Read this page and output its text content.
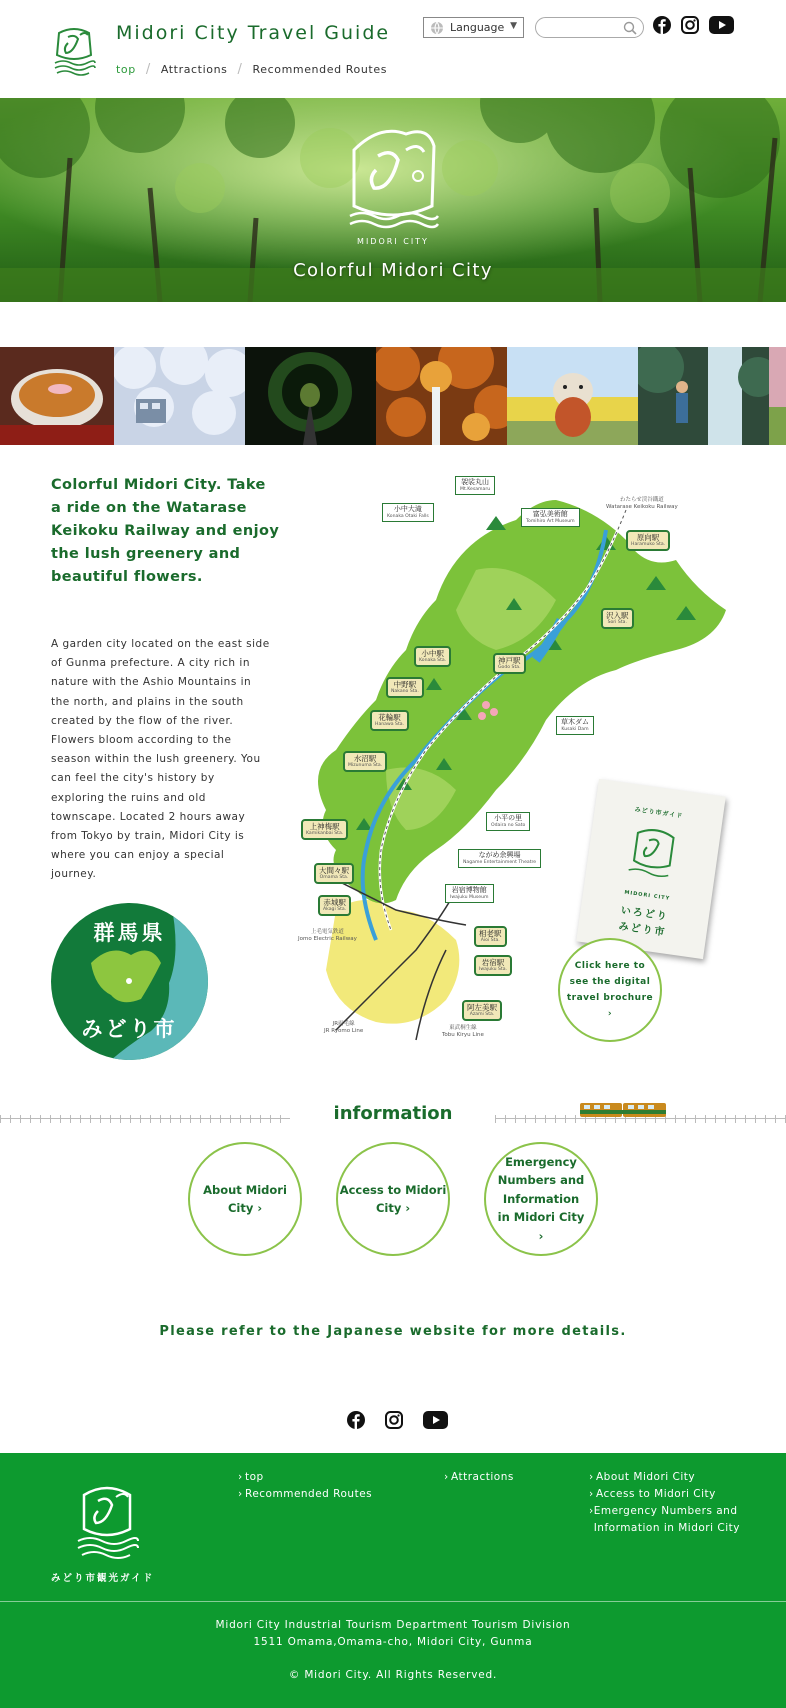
Midori City Travel Guide
top / Attractions / Recommended Routes
Language ▼
MIDORI CITY
Colorful Midori City
Colorful Midori City. Take a ride on the Watarase Keikoku Railway and enjoy the lush greenery and beautiful flowers.
A garden city located on the east side of Gunma prefecture. A city rich in nature with the Ashio Mountains in the north, and plains in the south created by the flow of the river. Flowers bloom according to the season within the lush greenery. You can feel the city's history by exploring the ruins and old townscape. Located 2 hours away from Tokyo by train, Midori City is where you can enjoy a special journey.
群馬県
みどり市
原向駅
Haramuko Sta.
沢入駅
Sori Sta.
神戸駅
Godo Sta.
小中駅
Konaka Sta.
中野駅
Nakano Sta.
花輪駅
Hanawa Sta.
水沼駅
Mizunuma Sta.
上神梅駅
Kamikanbai Sta.
大間々駅
Omama Sta.
赤城駅
Akagi Sta.
相老駅
Aioi Sta.
岩宿駅
Iwajuku Sta.
阿左美駅
Azami Sta.
袈裟丸山
Mt.Kesamaru
小中大滝
Konaka Otaki Falls	富弘美術館
Tomihiro Art Museum
草木ダム
Kusaki Dam
小平の里
Odaira no Sato
ながめ余興場
Nagame Entertainment Theatre
岩宿博物館
Iwajuku Museum
わたらせ渓谷鐵道
Watarase Keikoku Railway
上毛電気鉄道
Jomo Electric Railway
JR両毛線
JR Ryomo Line	東武桐生線
Tobu Kiryu Line
みどり市ガイド
MIDORI CITY
いろどり
みどり市
Click here to see the digital travel brochure ›
information
About Midori City ›
Access to Midori City ›
Emergency Numbers and Information in Midori City ›
Please refer to the Japanese website for more details.
みどり市観光ガイド
› top
› Recommended Routes
› Attractions	› About Midori City
› Access to Midori City
› Emergency Numbers and Information in Midori City
Midori City Industrial Tourism Department Tourism Division
1511 Omama,Omama-cho, Midori City, Gunma
© Midori City. All Rights Reserved.
